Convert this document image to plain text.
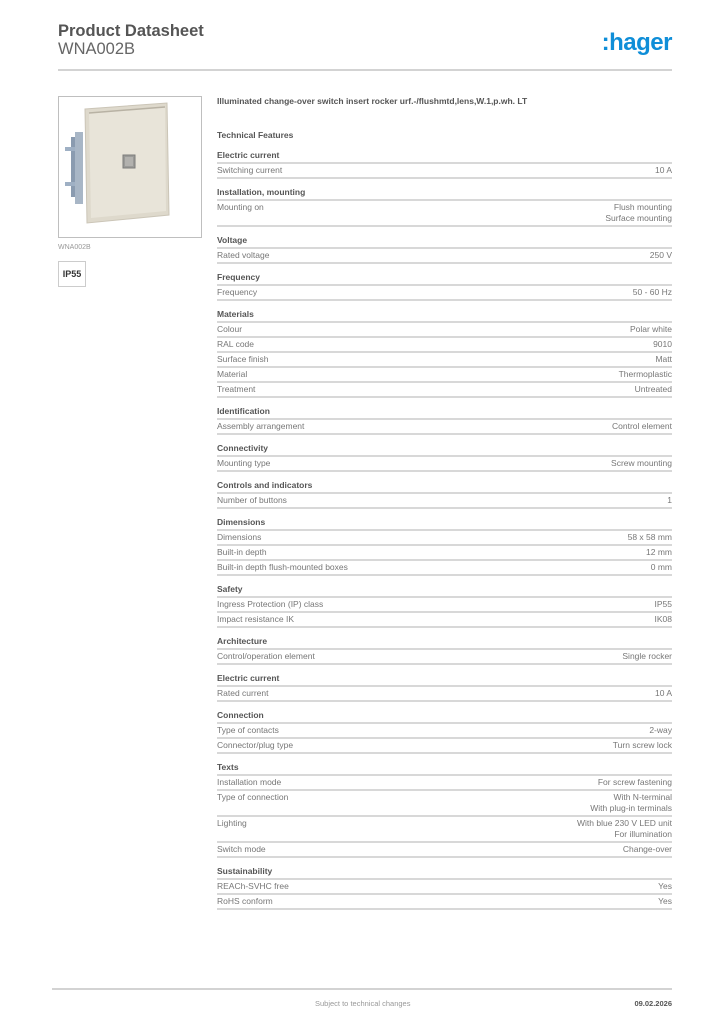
Product Datasheet

WNA002B	:hager
WNA002B
IP55

Illuminated change-over switch insert rocker urf.-/flushmtd,lens,W.1,p.wh. LT

Technical Features

Electric current
Switching current	10 A
Installation, mounting
Mounting on	Flush mounting
Surface mounting
Voltage
Rated voltage	250 V
Frequency
Frequency	50 - 60 Hz
Materials
Colour	Polar white
RAL code	9010
Surface finish	Matt
Material	Thermoplastic
Treatment	Untreated
Identification
Assembly arrangement	Control element
Connectivity
Mounting type	Screw mounting
Controls and indicators
Number of buttons	1
Dimensions
Dimensions	58 x 58 mm
Built-in depth	12 mm
Built-in depth flush-mounted boxes	0 mm
Safety
Ingress Protection (IP) class	IP55
Impact resistance IK	IK08
Architecture
Control/operation element	Single rocker
Electric current
Rated current	10 A
Connection
Type of contacts	2-way
Connector/plug type	Turn screw lock
Texts
Installation mode	For screw fastening
Type of connection	With N-terminal
With plug-in terminals
Lighting	With blue 230 V LED unit
For illumination
Switch mode	Change-over
Sustainability
REACh-SVHC free	Yes
RoHS conform	Yes
Subject to technical changes	09.02.2026
